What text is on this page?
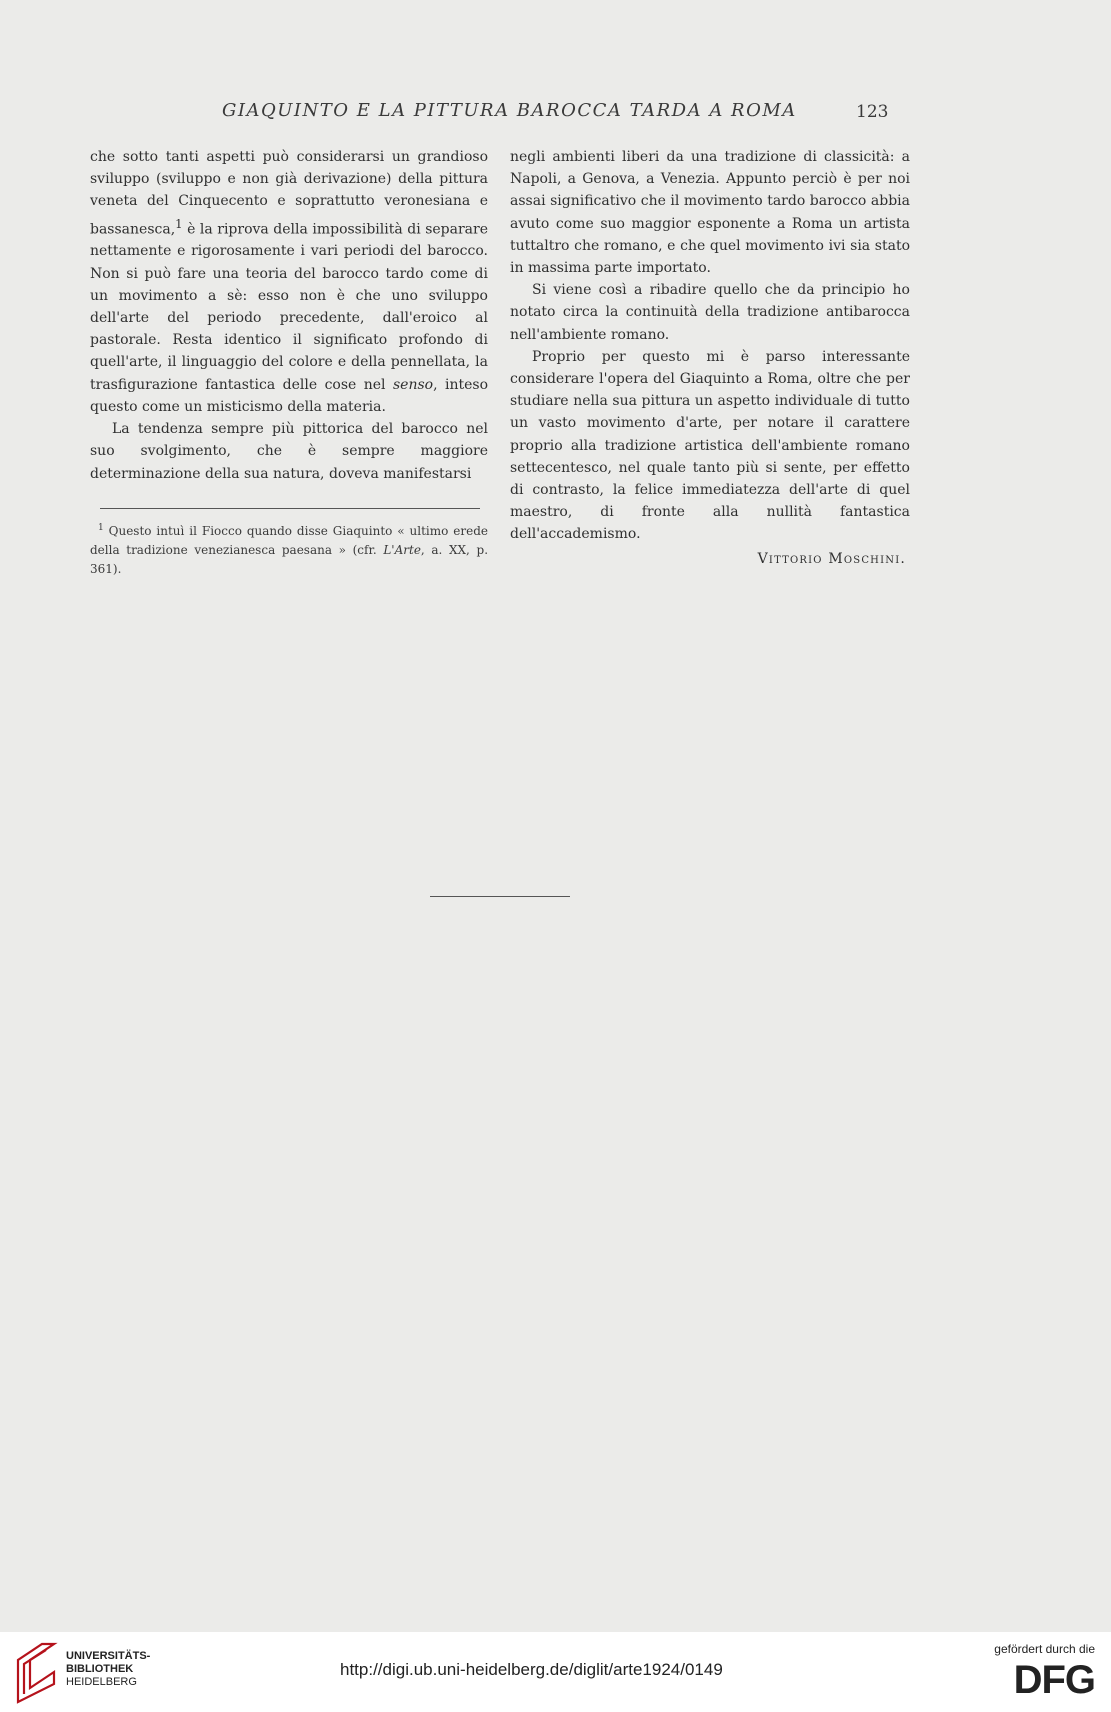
GIAQUINTO E LA PITTURA BAROCCA TARDA A ROMA	123

che sotto tanti aspetti può considerarsi un grandioso sviluppo (sviluppo e non già derivazione) della pittura veneta del Cinquecento e soprattutto veronesiana e bassanesca,$^1$ è la riprova della impossibilità di separare nettamente e rigorosamente i vari periodi del barocco. Non si può fare una teoria del barocco tardo come di un movimento a sè: esso non è che uno sviluppo dell'arte del periodo precedente, dall'eroico al pastorale. Resta identico il significato profondo di quell'arte, il linguaggio del colore e della pennellata, la trasfigurazione fantastica delle cose nel senso, inteso questo come un misticismo della materia.

La tendenza sempre più pittorica del barocco nel suo svolgimento, che è sempre maggiore determinazione della sua natura, doveva manifestarsi

$^1$ Questo intuì il Fiocco quando disse Giaquinto « ultimo erede della tradizione venezianesca paesana » (cfr. L'Arte, a. XX, p. 361).

negli ambienti liberi da una tradizione di classicità: a Napoli, a Genova, a Venezia. Appunto perciò è per noi assai significativo che il movimento tardo barocco abbia avuto come suo maggior esponente a Roma un artista tuttaltro che romano, e che quel movimento ivi sia stato in massima parte importato.

Si viene così a ribadire quello che da principio ho notato circa la continuità della tradizione antibarocca nell'ambiente romano.

Proprio per questo mi è parso interessante considerare l'opera del Giaquinto a Roma, oltre che per studiare nella sua pittura un aspetto individuale di tutto un vasto movimento d'arte, per notare il carattere proprio alla tradizione artistica dell'ambiente romano settecentesco, nel quale tanto più si sente, per effetto di contrasto, la felice immediatezza dell'arte di quel maestro, di fronte alla nullità fantastica dell'accademismo.

Vittorio Moschini.

UNIVERSITÄTS-
BIBLIOTHEK
HEIDELBERG
http://digi.ub.uni-heidelberg.de/diglit/arte1924/0149
gefördert durch die
DFG
